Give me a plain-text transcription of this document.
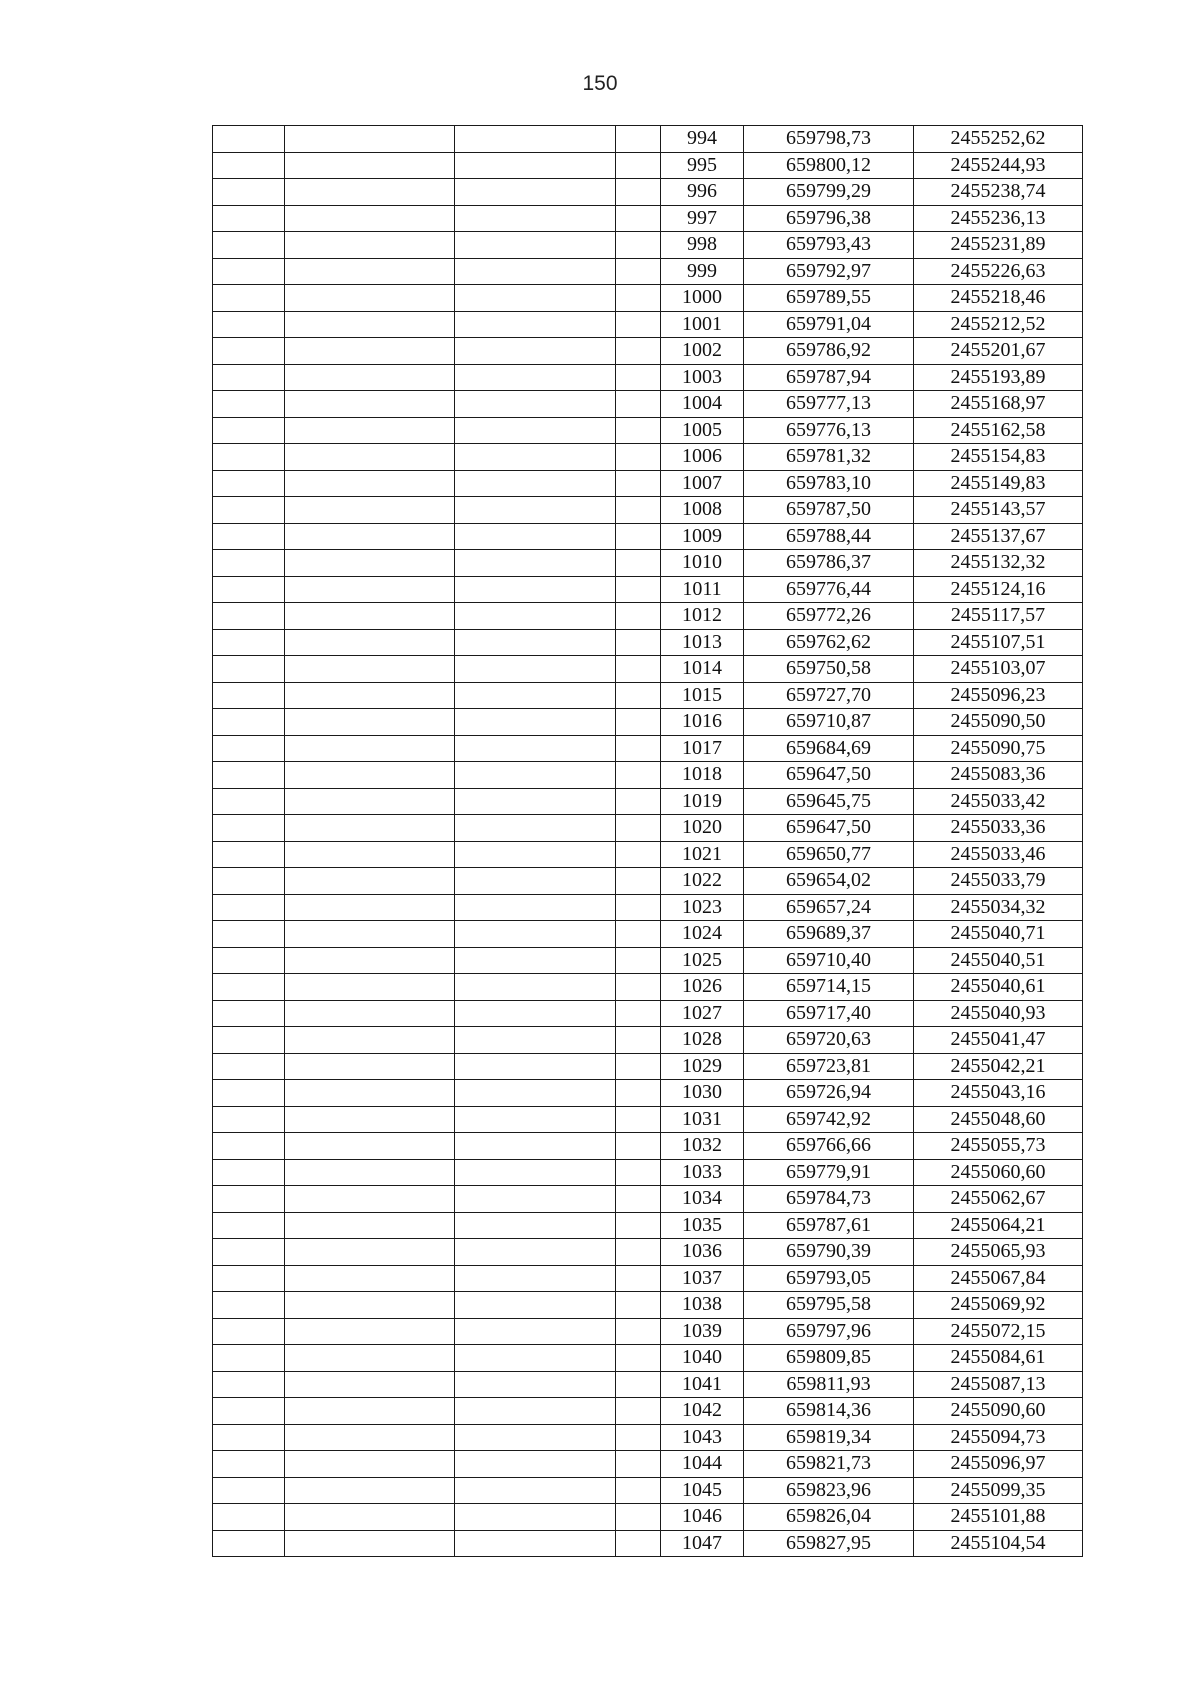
150
				994	659798,73	2455252,62
				995	659800,12	2455244,93
				996	659799,29	2455238,74
				997	659796,38	2455236,13
				998	659793,43	2455231,89
				999	659792,97	2455226,63
				1000	659789,55	2455218,46
				1001	659791,04	2455212,52
				1002	659786,92	2455201,67
				1003	659787,94	2455193,89
				1004	659777,13	2455168,97
				1005	659776,13	2455162,58
				1006	659781,32	2455154,83
				1007	659783,10	2455149,83
				1008	659787,50	2455143,57
				1009	659788,44	2455137,67
				1010	659786,37	2455132,32
				1011	659776,44	2455124,16
				1012	659772,26	2455117,57
				1013	659762,62	2455107,51
				1014	659750,58	2455103,07
				1015	659727,70	2455096,23
				1016	659710,87	2455090,50
				1017	659684,69	2455090,75
				1018	659647,50	2455083,36
				1019	659645,75	2455033,42
				1020	659647,50	2455033,36
				1021	659650,77	2455033,46
				1022	659654,02	2455033,79
				1023	659657,24	2455034,32
				1024	659689,37	2455040,71
				1025	659710,40	2455040,51
				1026	659714,15	2455040,61
				1027	659717,40	2455040,93
				1028	659720,63	2455041,47
				1029	659723,81	2455042,21
				1030	659726,94	2455043,16
				1031	659742,92	2455048,60
				1032	659766,66	2455055,73
				1033	659779,91	2455060,60
				1034	659784,73	2455062,67
				1035	659787,61	2455064,21
				1036	659790,39	2455065,93
				1037	659793,05	2455067,84
				1038	659795,58	2455069,92
				1039	659797,96	2455072,15
				1040	659809,85	2455084,61
				1041	659811,93	2455087,13
				1042	659814,36	2455090,60
				1043	659819,34	2455094,73
				1044	659821,73	2455096,97
				1045	659823,96	2455099,35
				1046	659826,04	2455101,88
				1047	659827,95	2455104,54
